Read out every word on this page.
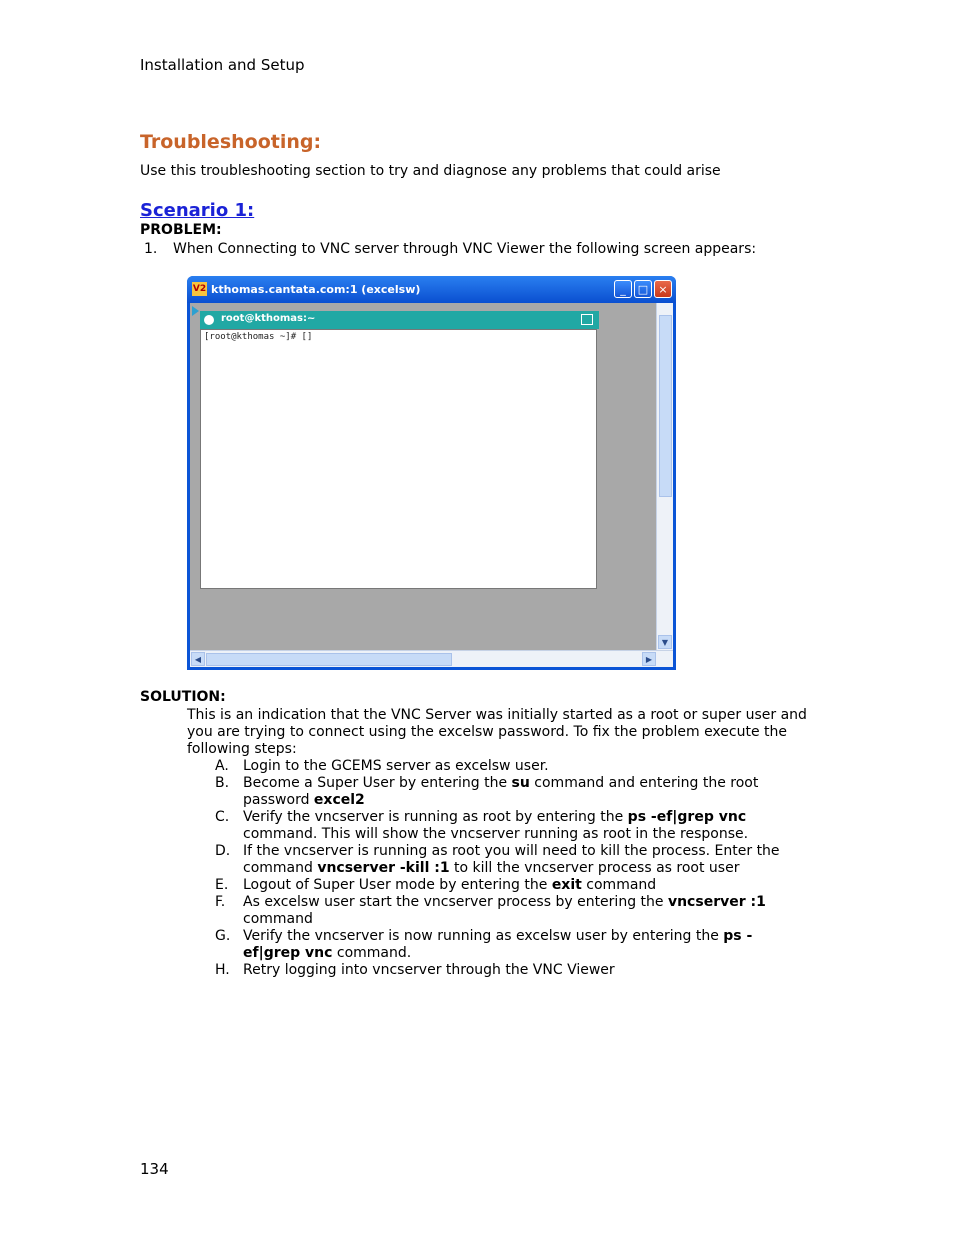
Installation and Setup
Troubleshooting:
Use this troubleshooting section to try and diagnose any problems that could arise
Scenario 1:
PROBLEM:
1. When Connecting to VNC server through VNC Viewer the following screen appears:
V2 kthomas.cantata.com:1 (excelsw)	_	□ ×
root@kthomas:~
[root@kthomas ~]# []
▼
◀	▶
SOLUTION:
This is an indication that the VNC Server was initially started as a root or super user and you are trying to connect using the excelsw password. To fix the problem execute the following steps:
A. Login to the GCEMS server as excelsw user.
B. Become a Super User by entering the su command and entering the root password excel2
C. Verify the vncserver is running as root by entering the ps -ef|grep vnc command. This will show the vncserver running as root in the response.
D. If the vncserver is running as root you will need to kill the process. Enter the command vncserver -kill :1 to kill the vncserver process as root user
E. Logout of Super User mode by entering the exit command
F. As excelsw user start the vncserver process by entering the vncserver :1 command
G. Verify the vncserver is now running as excelsw user by entering the ps -ef|grep vnc command.
H. Retry logging into vncserver through the VNC Viewer
134
